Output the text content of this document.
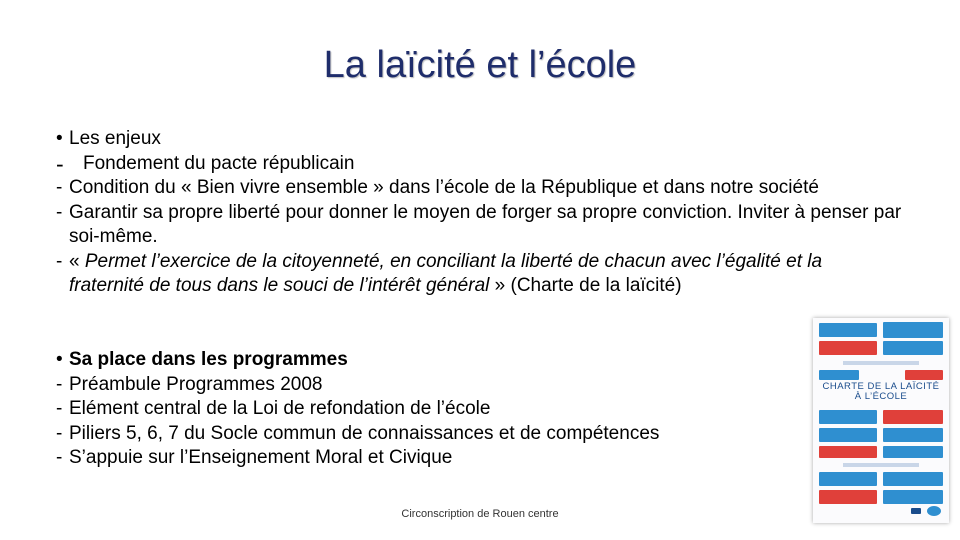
La laïcité et l’école
• Les enjeux
- Fondement du pacte républicain
- Condition du « Bien vivre ensemble » dans l’école de la République et dans notre société
- Garantir sa propre liberté pour donner le moyen de forger sa propre conviction. Inviter à penser par soi-même.
- « Permet l’exercice de la citoyenneté, en conciliant la liberté de chacun avec l’égalité et la fraternité de tous dans le souci de l’intérêt général » (Charte de la laïcité)
• Sa place dans les programmes
- Préambule Programmes 2008
- Elément central de la Loi de refondation de l’école
- Piliers 5, 6, 7 du Socle commun de connaissances et de compétences
- S’appuie sur l’Enseignement Moral et Civique
Circonscription de Rouen centre
CHARTE DE LA LAÏCITÉ
À L’ÉCOLE
